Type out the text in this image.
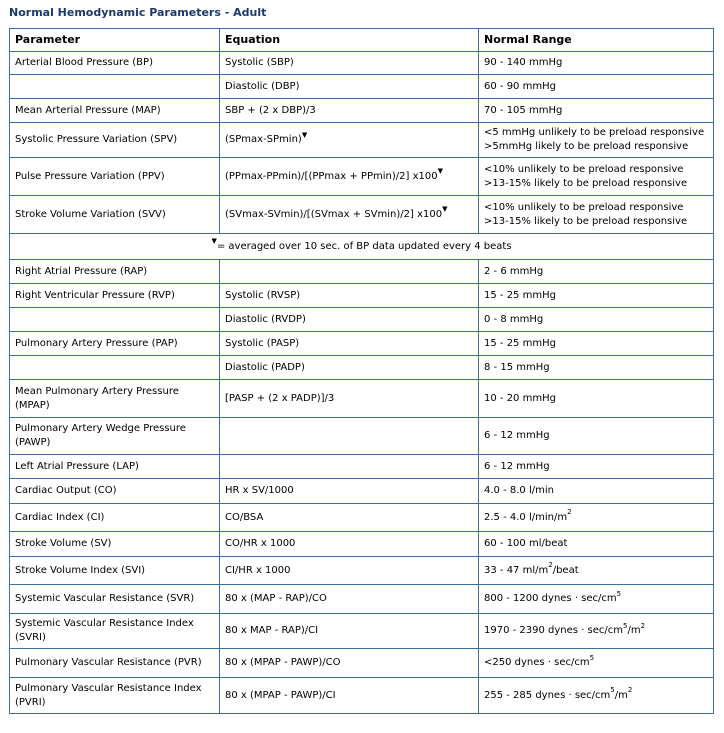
Normal Hemodynamic Parameters - Adult
Parameter	Equation	Normal Range
Arterial Blood Pressure (BP)	Systolic (SBP)	90 - 140 mmHg
	Diastolic (DBP)	60 - 90 mmHg
Mean Arterial Pressure (MAP)	SBP + (2 x DBP)/3	70 - 105 mmHg
Systolic Pressure Variation (SPV)	(SPmax-SPmin)▼	<5 mmHg unlikely to be preload responsive
>5mmHg likely to be preload responsive
Pulse Pressure Variation (PPV)	(PPmax-PPmin)/[(PPmax + PPmin)/2] x100▼	<10% unlikely to be preload responsive
>13-15% likely to be preload responsive
Stroke Volume Variation (SVV)	(SVmax-SVmin)/[(SVmax + SVmin)/2] x100▼	<10% unlikely to be preload responsive
>13-15% likely to be preload responsive
▼= averaged over 10 sec. of BP data updated every 4 beats		
Right Atrial Pressure (RAP)		2 - 6 mmHg
Right Ventricular Pressure (RVP)	Systolic (RVSP)	15 - 25 mmHg
	Diastolic (RVDP)	0 - 8 mmHg
Pulmonary Artery Pressure (PAP)	Systolic (PASP)	15 - 25 mmHg
	Diastolic (PADP)	8 - 15 mmHg
Mean Pulmonary Artery Pressure
(MPAP)	[PASP + (2 x PADP)]/3	10 - 20 mmHg
Pulmonary Artery Wedge Pressure
(PAWP)		6 - 12 mmHg
Left Atrial Pressure (LAP)		6 - 12 mmHg
Cardiac Output (CO)	HR x SV/1000	4.0 - 8.0 l/min
Cardiac Index (CI)	CO/BSA	2.5 - 4.0 $l/\min/m^2$
Stroke Volume (SV)	CO/HR x 1000	60 - 100 ml/beat
Stroke Volume Index (SVI)	CI/HR x 1000	33 - 47 $ml/m^2$/beat
Systemic Vascular Resistance (SVR)	80 x (MAP - RAP)/CO	800 - 1200 dynes · $\sec/cm^5$
Systemic Vascular Resistance Index
(SVRI)	80 x MAP - RAP)/CI	1970 - 2390 dynes · $\sec/cm^5/m^2$
Pulmonary Vascular Resistance (PVR)	80 x (MPAP - PAWP)/CO	<250 dynes · $\sec/cm^5$
Pulmonary Vascular Resistance Index
(PVRI)	80 x (MPAP - PAWP)/CI	255 - 285 dynes · $\sec/cm^5/m^2$
